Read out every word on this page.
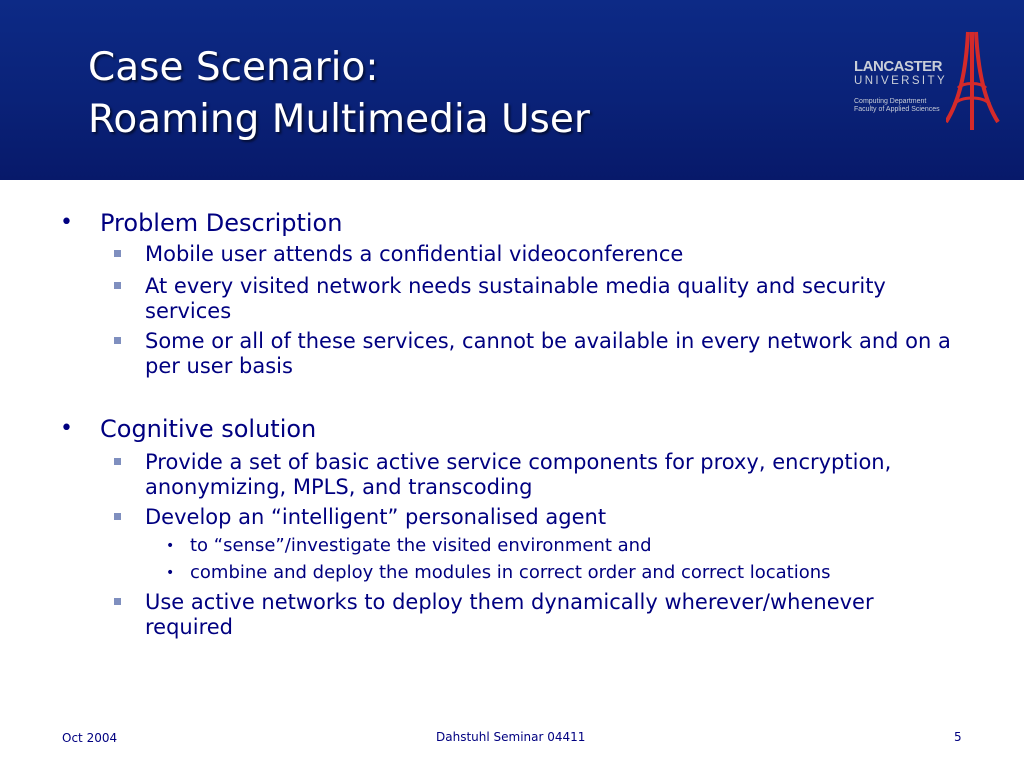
Case Scenario:
Roaming Multimedia User
LANCASTER
UNIVERSITY
Computing Department
Faculty of Applied Sciences
• Problem Description
Mobile user attends a confidential videoconference
At every visited network needs sustainable media quality and security services
Some or all of these services, cannot be available in every network and on a per user basis
• Cognitive solution
Provide a set of basic active service components for proxy, encryption, anonymizing, MPLS, and transcoding
Develop an “intelligent” personalised agent
• to “sense”/investigate the visited environment and
• combine and deploy the modules in correct order and correct locations
Use active networks to deploy them dynamically wherever/whenever required
Oct 2004	Dahstuhl Seminar 04411	5
